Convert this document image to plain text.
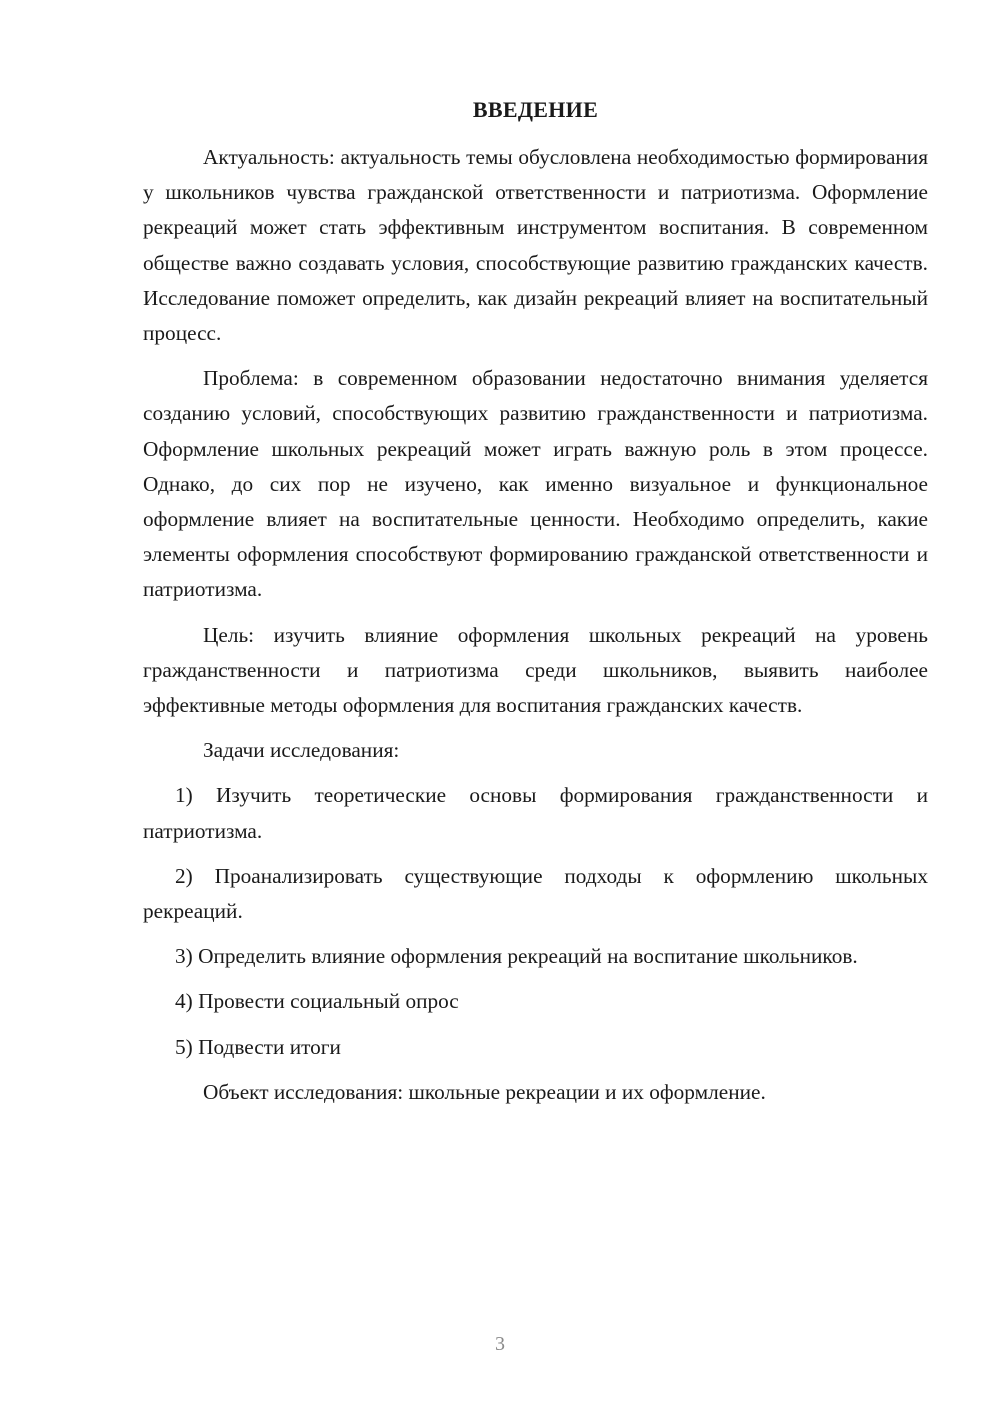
ВВЕДЕНИЕ

Актуальность: актуальность темы обусловлена необходимостью формирования у школьников чувства гражданской ответственности и патриотизма. Оформление рекреаций может стать эффективным инструментом воспитания. В современном обществе важно создавать условия, способствующие развитию гражданских качеств. Исследование поможет определить, как дизайн рекреаций влияет на воспитательный процесс.

Проблема: в современном образовании недостаточно внимания уделяется созданию условий, способствующих развитию гражданственности и патриотизма. Оформление школьных рекреаций может играть важную роль в этом процессе. Однако, до сих пор не изучено, как именно визуальное и функциональное оформление влияет на воспитательные ценности. Необходимо определить, какие элементы оформления способствуют формированию гражданской ответственности и патриотизма.

Цель: изучить влияние оформления школьных рекреаций на уровень гражданственности и патриотизма среди школьников, выявить наиболее эффективные методы оформления для воспитания гражданских качеств.

Задачи исследования:

1) Изучить теоретические основы формирования гражданственности и патриотизма.

2) Проанализировать существующие подходы к оформлению школьных рекреаций.

3) Определить влияние оформления рекреаций на воспитание школьников.

4) Провести социальный опрос

5) Подвести итоги

Объект исследования: школьные рекреации и их оформление.

3
